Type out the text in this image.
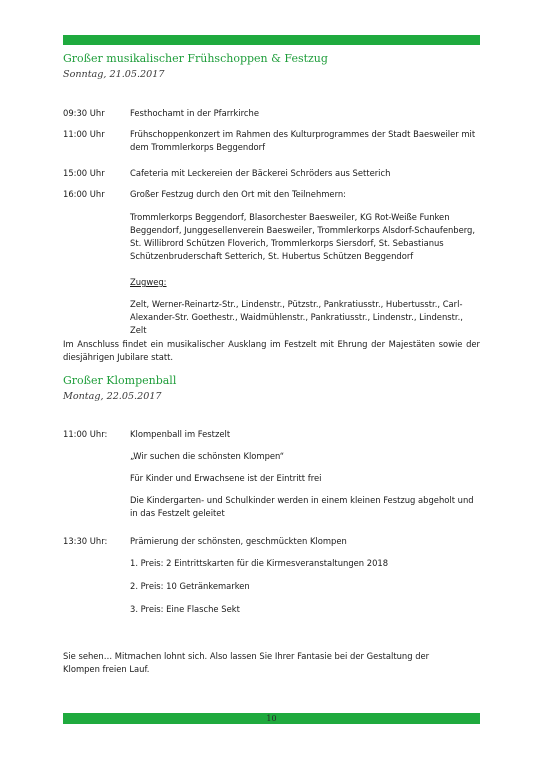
Großer musikalischer Frühschoppen & Festzug
Sonntag, 21.05.2017
09:30 Uhr	Festhochamt in der Pfarrkirche
11:00 Uhr	Frühschoppenkonzert im Rahmen des Kulturprogrammes der Stadt Baesweiler mit dem Trommlerkorps Beggendorf
15:00 Uhr	Cafeteria mit Leckereien der Bäckerei Schröders aus Setterich
16:00 Uhr	Großer Festzug durch den Ort mit den Teilnehmern:
Trommlerkorps Beggendorf, Blasorchester Baesweiler, KG Rot-Weiße Funken Beggendorf, Junggesellenverein Baesweiler, Trommlerkorps Alsdorf-Schaufenberg, St. Willibrord Schützen Floverich, Trommlerkorps Siersdorf, St. Sebastianus Schützenbruderschaft Setterich, St. Hubertus Schützen Beggendorf
Zugweg:
Zelt, Werner-Reinartz-Str., Lindenstr., Pützstr., Pankratiusstr., Hubertusstr., Carl-Alexander-Str. Goethestr., Waidmühlenstr., Pankratiusstr., Lindenstr., Lindenstr., Zelt
Im Anschluss findet ein musikalischer Ausklang im Festzelt mit Ehrung der Majestäten sowie der diesjährigen Jubilare statt.
Großer Klompenball
Montag, 22.05.2017
11:00 Uhr:	Klompenball im Festzelt
„Wir suchen die schönsten Klompen“
Für Kinder und Erwachsene ist der Eintritt frei
Die Kindergarten- und Schulkinder werden in einem kleinen Festzug abgeholt und in das Festzelt geleitet
13:30 Uhr:	Prämierung der schönsten, geschmückten Klompen
1. Preis: 2 Eintrittskarten für die Kirmesveranstaltungen 2018
2. Preis: 10 Getränkemarken
3. Preis: Eine Flasche Sekt
Sie sehen… Mitmachen lohnt sich. Also lassen Sie Ihrer Fantasie bei der Gestaltung der Klompen freien Lauf.
10
